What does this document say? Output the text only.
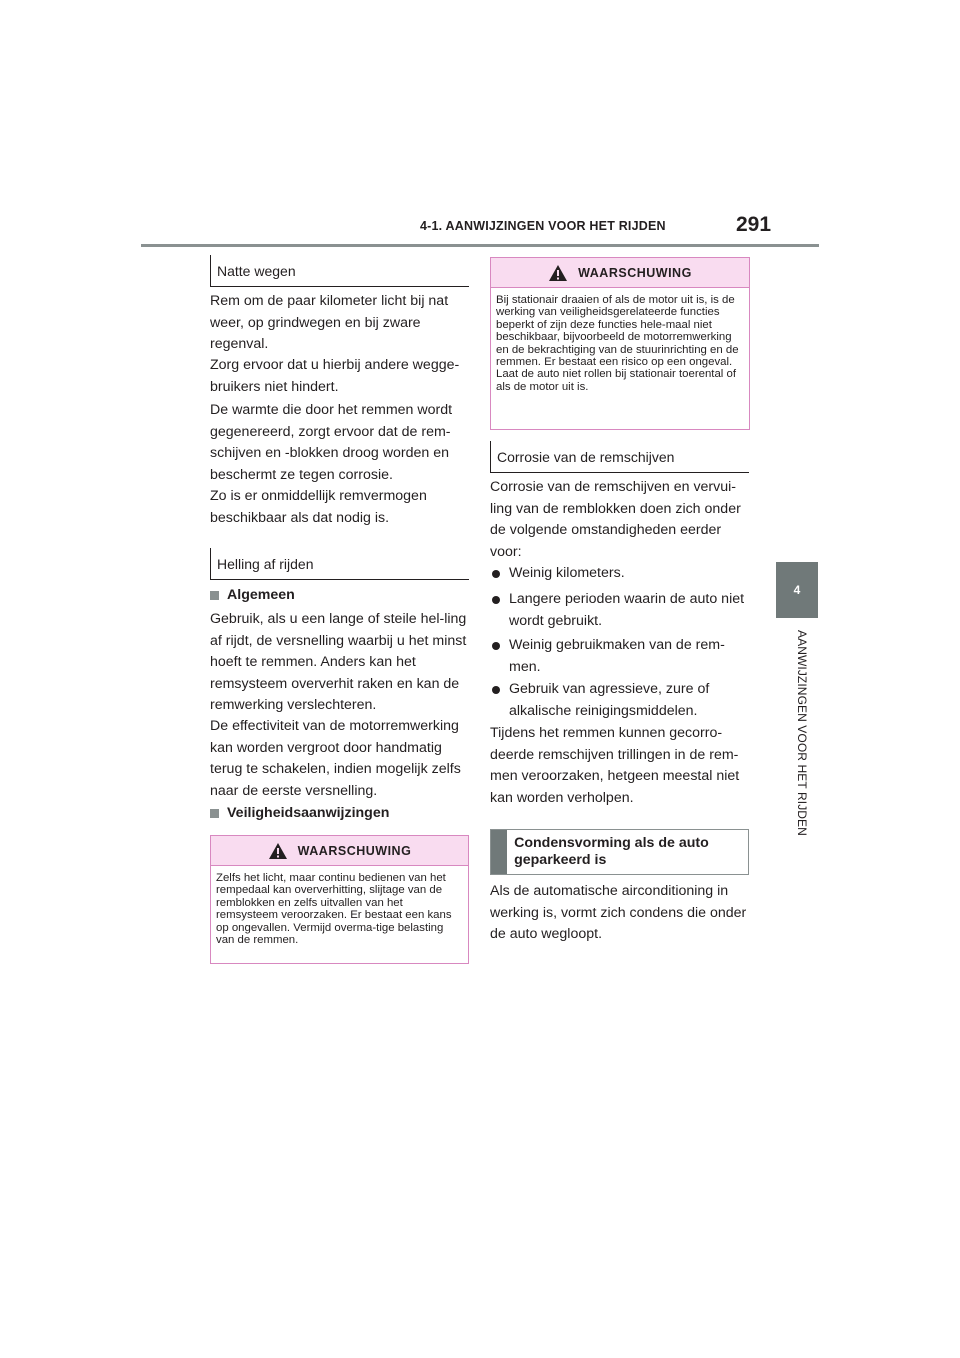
4-1. AANWIJZINGEN VOOR HET RIJDEN	291
4
AANWIJZINGEN VOOR HET RIJDEN
Natte wegen

Rem om de paar kilometer licht bij nat weer, op grindwegen en bij zware regenval.

Zorg ervoor dat u hierbij andere wegge-bruikers niet hindert.

De warmte die door het remmen wordt gegenereerd, zorgt ervoor dat de rem-schijven en -blokken droog worden en beschermt ze tegen corrosie.

Zo is er onmiddellijk remvermogen beschikbaar als dat nodig is.

Helling af rijden
Algemeen

Gebruik, als u een lange of steile hel-ling af rijdt, de versnelling waarbij u het minst hoeft te remmen. Anders kan het remsysteem oververhit raken en kan de remwerking verslechteren.

De effectiviteit van de motorremwerking kan worden vergroot door handmatig terug te schakelen, indien mogelijk zelfs naar de eerste versnelling.

Veiligheidsaanwijzingen
WAARSCHUWING
Zelfs het licht, maar continu bedienen van het rempedaal kan oververhitting, slijtage van de remblokken en zelfs uitvallen van het remsysteem veroorzaken. Er bestaat een kans op ongevallen. Vermijd overma-tige belasting van de remmen.
WAARSCHUWING
Bij stationair draaien of als de motor uit is, is de werking van veiligheidsgerelateerde functies beperkt of zijn deze functies hele-maal niet beschikbaar, bijvoorbeeld de motorremwerking en de bekrachtiging van de stuurinrichting en de remmen. Er bestaat een risico op een ongeval. Laat de auto niet rollen bij stationair toerental of als de motor uit is.
Corrosie van de remschijven

Corrosie van de remschijven en vervui-ling van de remblokken doen zich onder de volgende omstandigheden eerder voor:

Weinig kilometers.
Langere perioden waarin de auto niet wordt gebruikt.
Weinig gebruikmaken van de rem-men.
Gebruik van agressieve, zure of alkalische reinigingsmiddelen.

Tijdens het remmen kunnen gecorro-deerde remschijven trillingen in de rem-men veroorzaken, hetgeen meestal niet kan worden verholpen.

Condensvorming als de auto geparkeerd is

Als de automatische airconditioning in werking is, vormt zich condens die onder de auto wegloopt.
